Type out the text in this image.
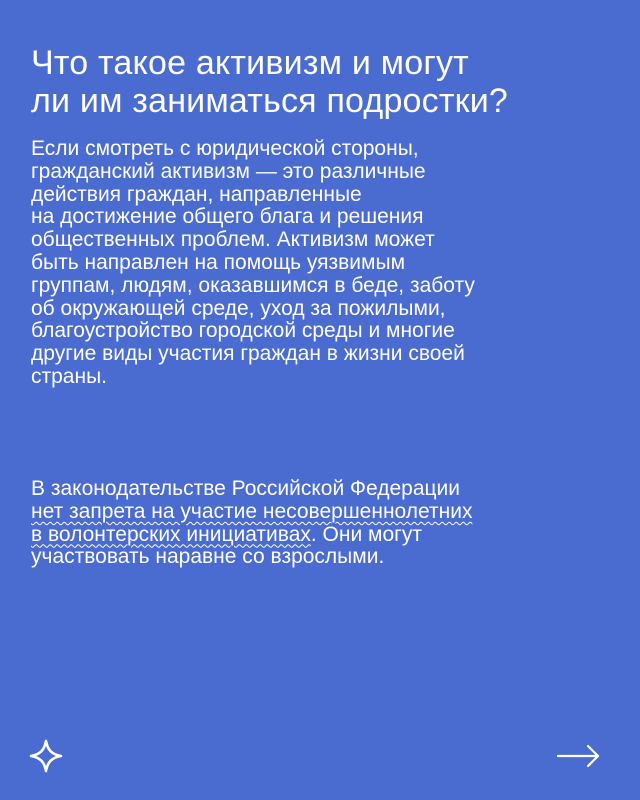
Что такое активизм и могут
ли им заниматься подростки?

Если смотреть с юридической стороны,
гражданский активизм — это различные
действия граждан, направленные
на достижение общего блага и решения
общественных проблем. Активизм может
быть направлен на помощь уязвимым
группам, людям, оказавшимся в беде, заботу
об окружающей среде, уход за пожилыми,
благоустройство городской среды и многие
другие виды участия граждан в жизни своей
страны.

В законодательстве Российской Федерации
нет запрета на участие несовершеннолетних
в волонтерских инициативах. Они могут
участвовать наравне со взрослыми.
